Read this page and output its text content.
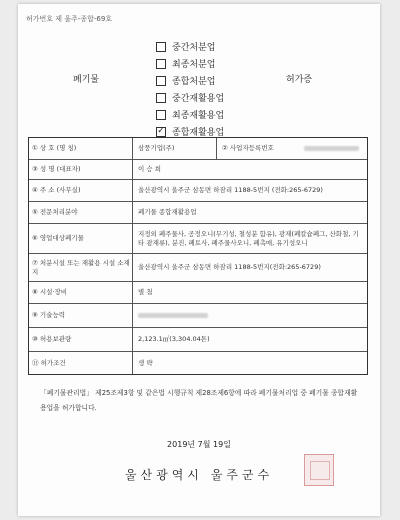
허가번호 제 울주-종합-69호
폐기물	허가증
중간처분업
최종처분업
종합처분업
중간재활용업
최종재활용업
✓ 종합재활용업
① 상 호 (명 칭)	삼풍기업(주)	② 사업자등록번호
③ 성 명 (대표자)	이 승 희
④ 주 소 (사무실)	울산광역시 울주군 삼동면 하잠리 1188-5번지 (전화:265-6729)
⑤ 전문처리분야	폐기물 종합재활용업
⑥ 영업대상폐기물
지정외 폐주물사, 공정오니(무기성, 철성분 함유), 광재(폐칼슘폐그, 산화철, 기타 광재류), 분진, 폐토사, 폐주물사오니, 폐촉매, 유기성오니
⑦ 처분시설 또는 재활용 시설 소재지
울산광역시 울주군 삼동면 하잠리 1188-5번지(전화:265-6729)
⑧ 시설·장비	별 첨
⑨ 기술능력
⑩ 허용보관량	2,123.1㎡(3,304.04톤)
⑪ 허가조건	생 략
「폐기물관리법」 제25조제3항 및 같은법 시행규칙 제28조제6항에 따라 폐기물처리업 중 폐기물 종합재활용업을 허가합니다.
2019년 7월 19일
울산광역시 울주군수
